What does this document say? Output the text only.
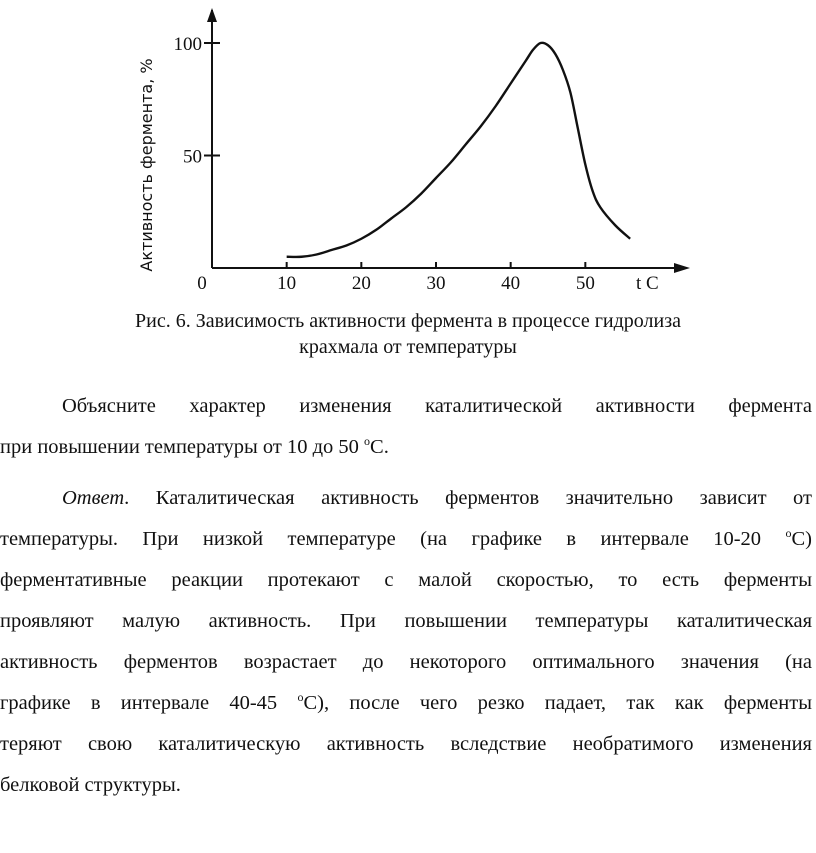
0	10	20	30	40	50
100
50
t C
Активность фермента, %
Рис. 6. Зависимость активности фермента в процессе гидролиза
крахмала от температуры
Объясните характер изменения каталитической активности фермента
при повышении температуры от 10 до 50 $^o$С.
Ответ. Каталитическая активность ферментов значительно зависит от
температуры. При низкой температуре (на графике в интервале 10-20 $^o$С)
ферментативные реакции протекают с малой скоростью, то есть ферменты
проявляют малую активность. При повышении температуры каталитическая
активность ферментов возрастает до некоторого оптимального значения (на
графике в интервале 40-45 $^o$С), после чего резко падает, так как ферменты
теряют свою каталитическую активность вследствие необратимого изменения
белковой структуры.
